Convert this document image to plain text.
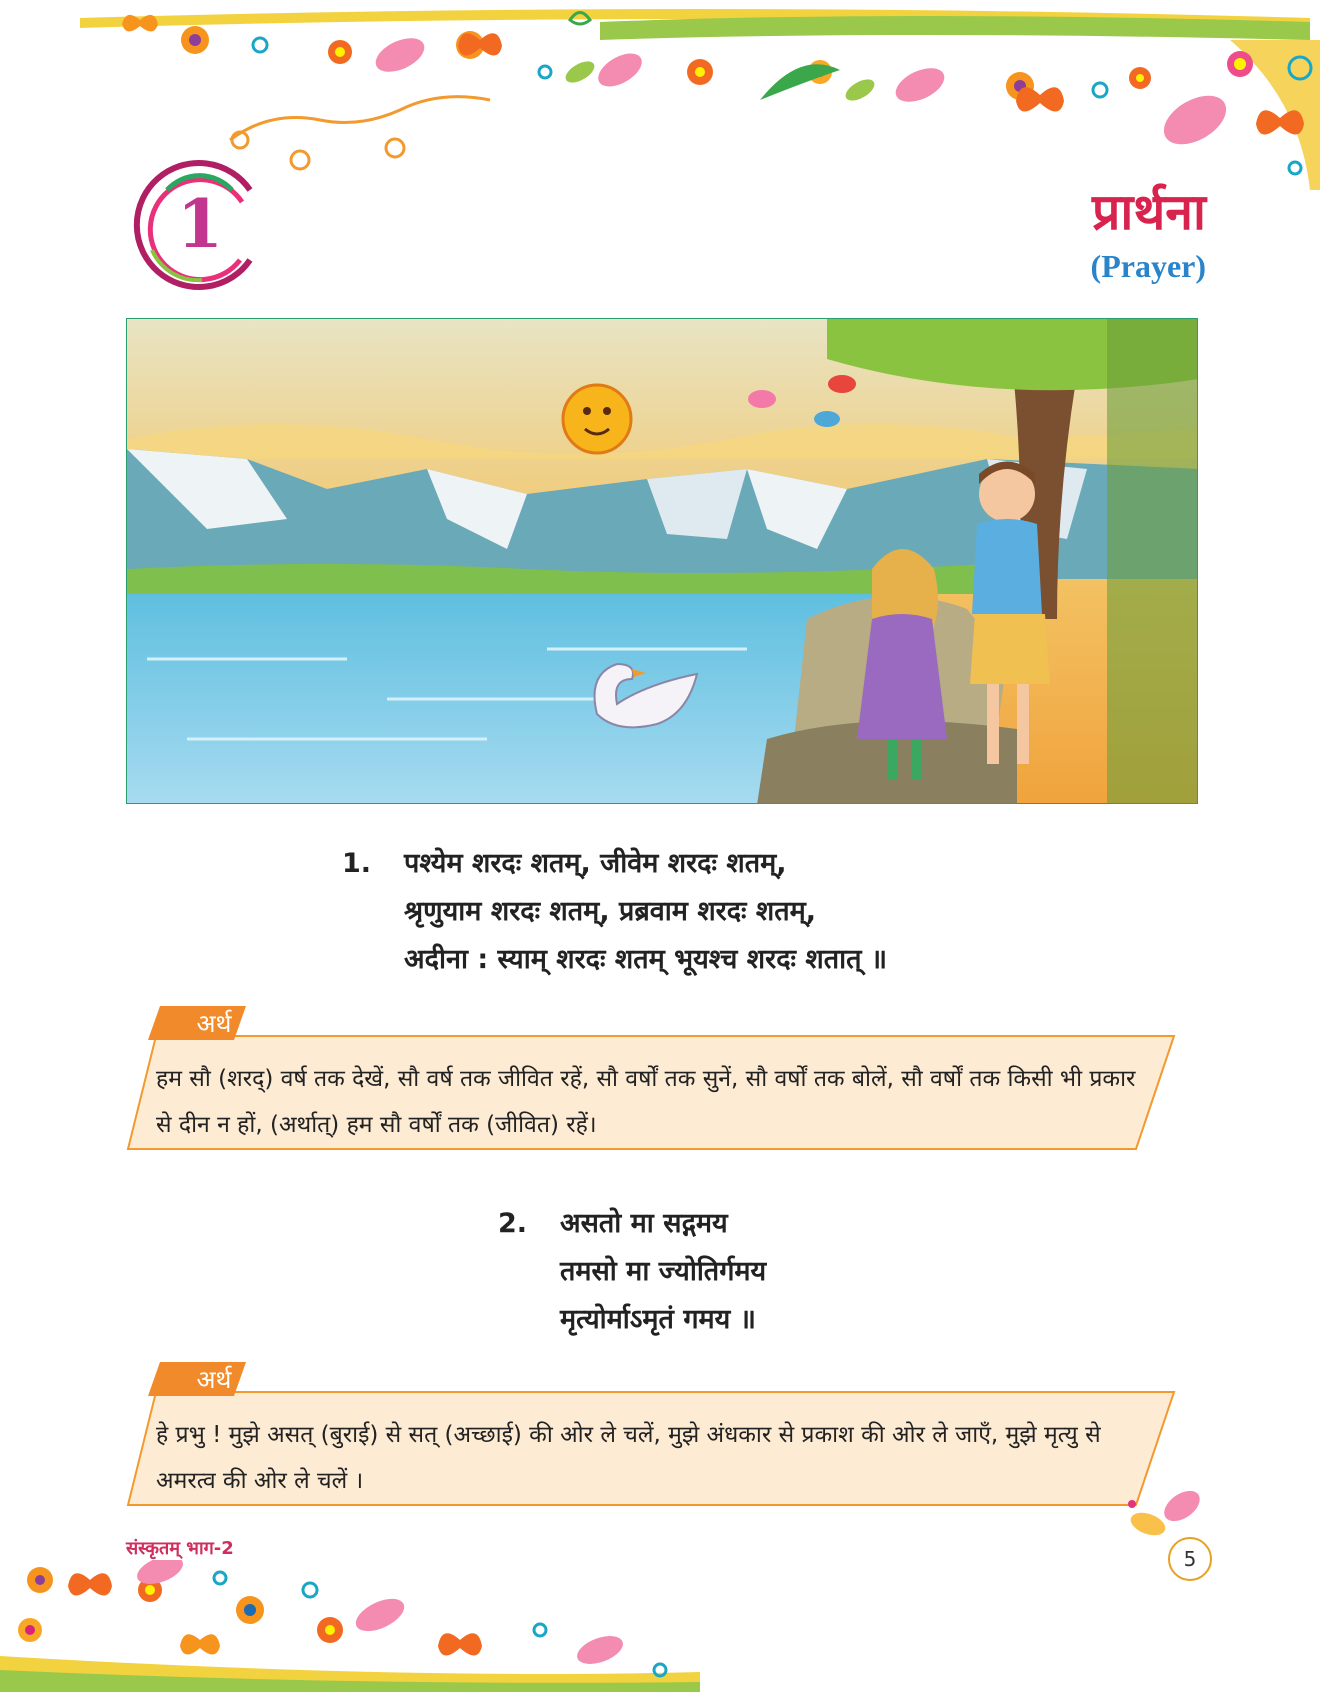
1	प्रार्थना
(Prayer)
1.	पश्येम शरदः शतम्, जीवेम शरदः शतम्,
श्रृणुयाम शरदः शतम्, प्रब्रवाम शरदः शतम्,
अदीना : स्याम् शरदः शतम् भूयश्च शरदः शतात् ॥
अर्थ
हम सौ (शरद्) वर्ष तक देखें, सौ वर्ष तक जीवित रहें, सौ वर्षों तक सुनें, सौ वर्षों तक बोलें, सौ वर्षों तक किसी भी प्रकार से दीन न हों, (अर्थात्) हम सौ वर्षों तक (जीवित) रहें।
2.	असतो मा सद्गमय
तमसो मा ज्योतिर्गमय
मृत्योर्माऽमृतं गमय ॥
अर्थ
हे प्रभु ! मुझे असत् (बुराई) से सत् (अच्छाई) की ओर ले चलें, मुझे अंधकार से प्रकाश की ओर ले जाएँ, मुझे मृत्यु से अमरत्व की ओर ले चलें ।
संस्कृतम् भाग-2	5
